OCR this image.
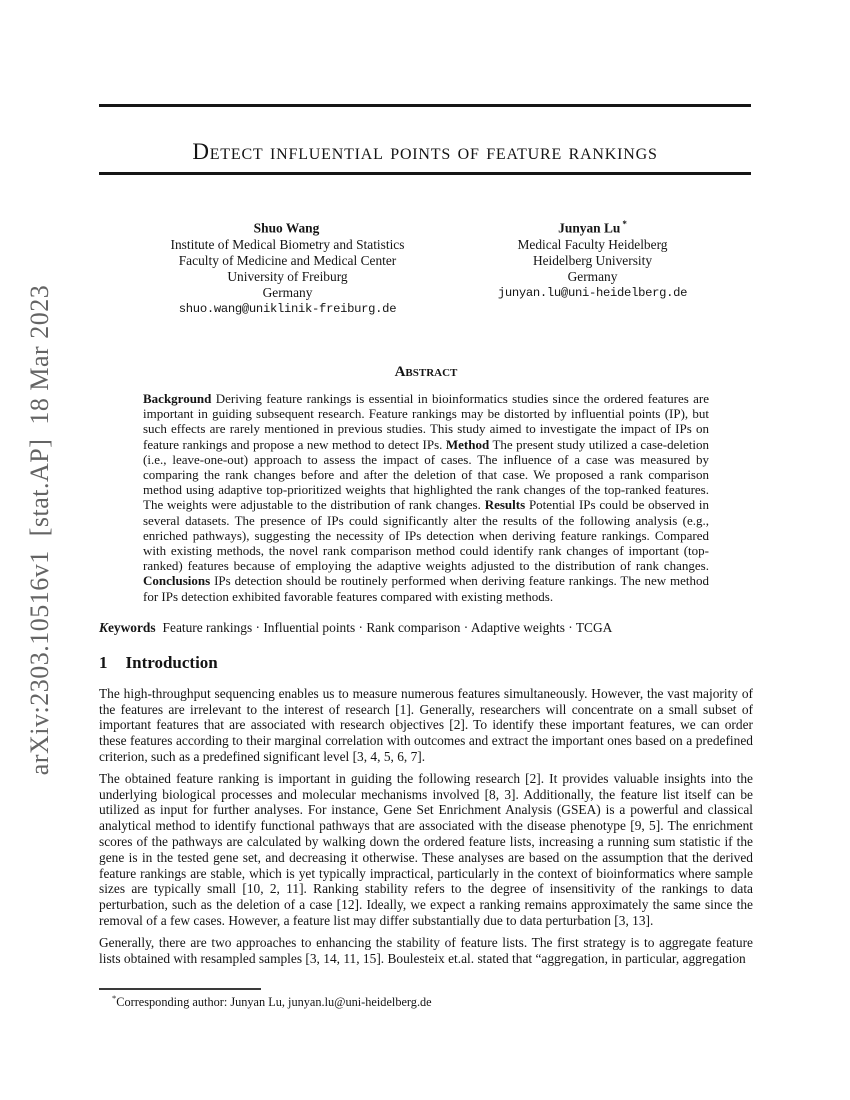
arXiv:2303.10516v1  [stat.AP]  18 Mar 2023
Detect influential points of feature rankings
Shuo Wang
Institute of Medical Biometry and Statistics
Faculty of Medicine and Medical Center
University of Freiburg
Germany
shuo.wang@uniklinik-freiburg.de
Junyan Lu *
Medical Faculty Heidelberg
Heidelberg University
Germany
junyan.lu@uni-heidelberg.de
Abstract

Background Deriving feature rankings is essential in bioinformatics studies since the ordered features are important in guiding subsequent research. Feature rankings may be distorted by influential points (IP), but such effects are rarely mentioned in previous studies. This study aimed to investigate the impact of IPs on feature rankings and propose a new method to detect IPs. Method The present study utilized a case-deletion (i.e., leave-one-out) approach to assess the impact of cases. The influence of a case was measured by comparing the rank changes before and after the deletion of that case. We proposed a rank comparison method using adaptive top-prioritized weights that highlighted the rank changes of the top-ranked features. The weights were adjustable to the distribution of rank changes. Results Potential IPs could be observed in several datasets. The presence of IPs could significantly alter the results of the following analysis (e.g., enriched pathways), suggesting the necessity of IPs detection when deriving feature rankings. Compared with existing methods, the novel rank comparison method could identify rank changes of important (top-ranked) features because of employing the adaptive weights adjusted to the distribution of rank changes. Conclusions IPs detection should be routinely performed when deriving feature rankings. The new method for IPs detection exhibited favorable features compared with existing methods.

Keywords Feature rankings · Influential points · Rank comparison · Adaptive weights · TCGA

1 Introduction

The high-throughput sequencing enables us to measure numerous features simultaneously. However, the vast majority of the features are irrelevant to the interest of research [1]. Generally, researchers will concentrate on a small subset of important features that are associated with research objectives [2]. To identify these important features, we can order these features according to their marginal correlation with outcomes and extract the important ones based on a predefined criterion, such as a predefined significant level [3, 4, 5, 6, 7].

The obtained feature ranking is important in guiding the following research [2]. It provides valuable insights into the underlying biological processes and molecular mechanisms involved [8, 3]. Additionally, the feature list itself can be utilized as input for further analyses. For instance, Gene Set Enrichment Analysis (GSEA) is a powerful and classical analytical method to identify functional pathways that are associated with the disease phenotype [9, 5]. The enrichment scores of the pathways are calculated by walking down the ordered feature lists, increasing a running sum statistic if the gene is in the tested gene set, and decreasing it otherwise. These analyses are based on the assumption that the derived feature rankings are stable, which is yet typically impractical, particularly in the context of bioinformatics where sample sizes are typically small [10, 2, 11]. Ranking stability refers to the degree of insensitivity of the rankings to data perturbation, such as the deletion of a case [12]. Ideally, we expect a ranking remains approximately the same since the removal of a few cases. However, a feature list may differ substantially due to data perturbation [3, 13].

Generally, there are two approaches to enhancing the stability of feature lists. The first strategy is to aggregate feature lists obtained with resampled samples [3, 14, 11, 15]. Boulesteix et.al. stated that “aggregation, in particular, aggregation

*Corresponding author: Junyan Lu, junyan.lu@uni-heidelberg.de
